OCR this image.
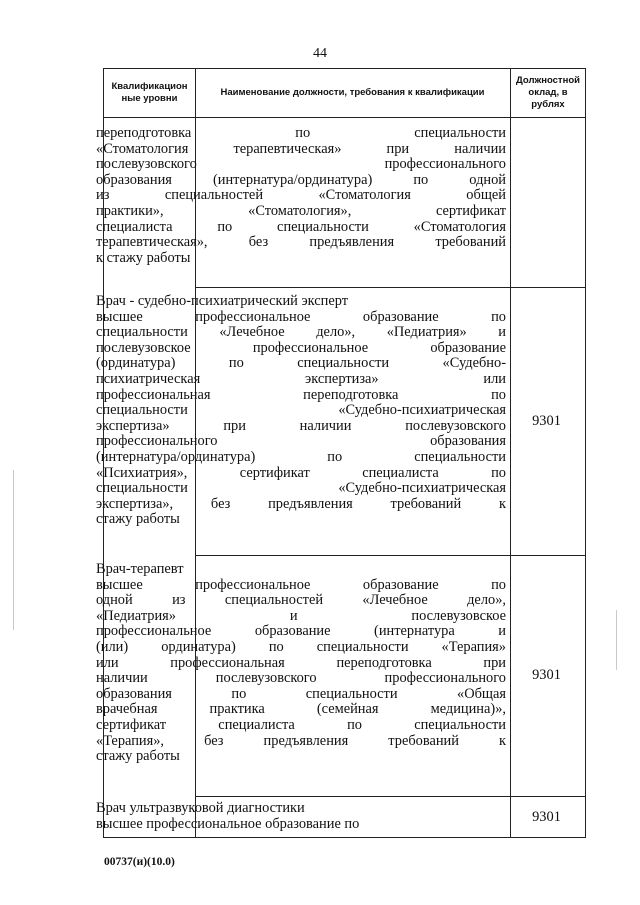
44
Квалификацион ные уровни
Наименование должности, требования к квалификации
Должностной оклад, в рублях
переподготовка по специальности
«Стоматология терапевтическая» при наличии
послевузовского профессионального
образования (интернатура/ординатура) по одной
из специальностей «Стоматология общей
практики», «Стоматология», сертификат
специалиста по специальности «Стоматология
терапевтическая», без предъявления требований
к стажу работы
Врач - судебно-психиатрический эксперт
высшее профессиональное образование по
специальности «Лечебное дело», «Педиатрия» и
послевузовское профессиональное образование
(ординатура) по специальности «Судебно-
психиатрическая экспертиза» или
профессиональная переподготовка по
специальности «Судебно-психиатрическая
экспертиза» при наличии послевузовского
профессионального образования
(интернатура/ординатура) по специальности
«Психиатрия», сертификат специалиста по
специальности «Судебно-психиатрическая
экспертиза», без предъявления требований к
стажу работы
9301
Врач-терапевт
высшее профессиональное образование по
одной из специальностей «Лечебное дело»,
«Педиатрия» и послевузовское
профессиональное образование (интернатура и
(или) ординатура) по специальности «Терапия»
или профессиональная переподготовка при
наличии послевузовского профессионального
образования по специальности «Общая
врачебная практика (семейная медицина)»,
сертификат специалиста по специальности
«Терапия», без предъявления требований к
стажу работы
9301
Врач ультразвуковой диагностики
высшее профессиональное образование по	9301
00737(и)(10.0)
